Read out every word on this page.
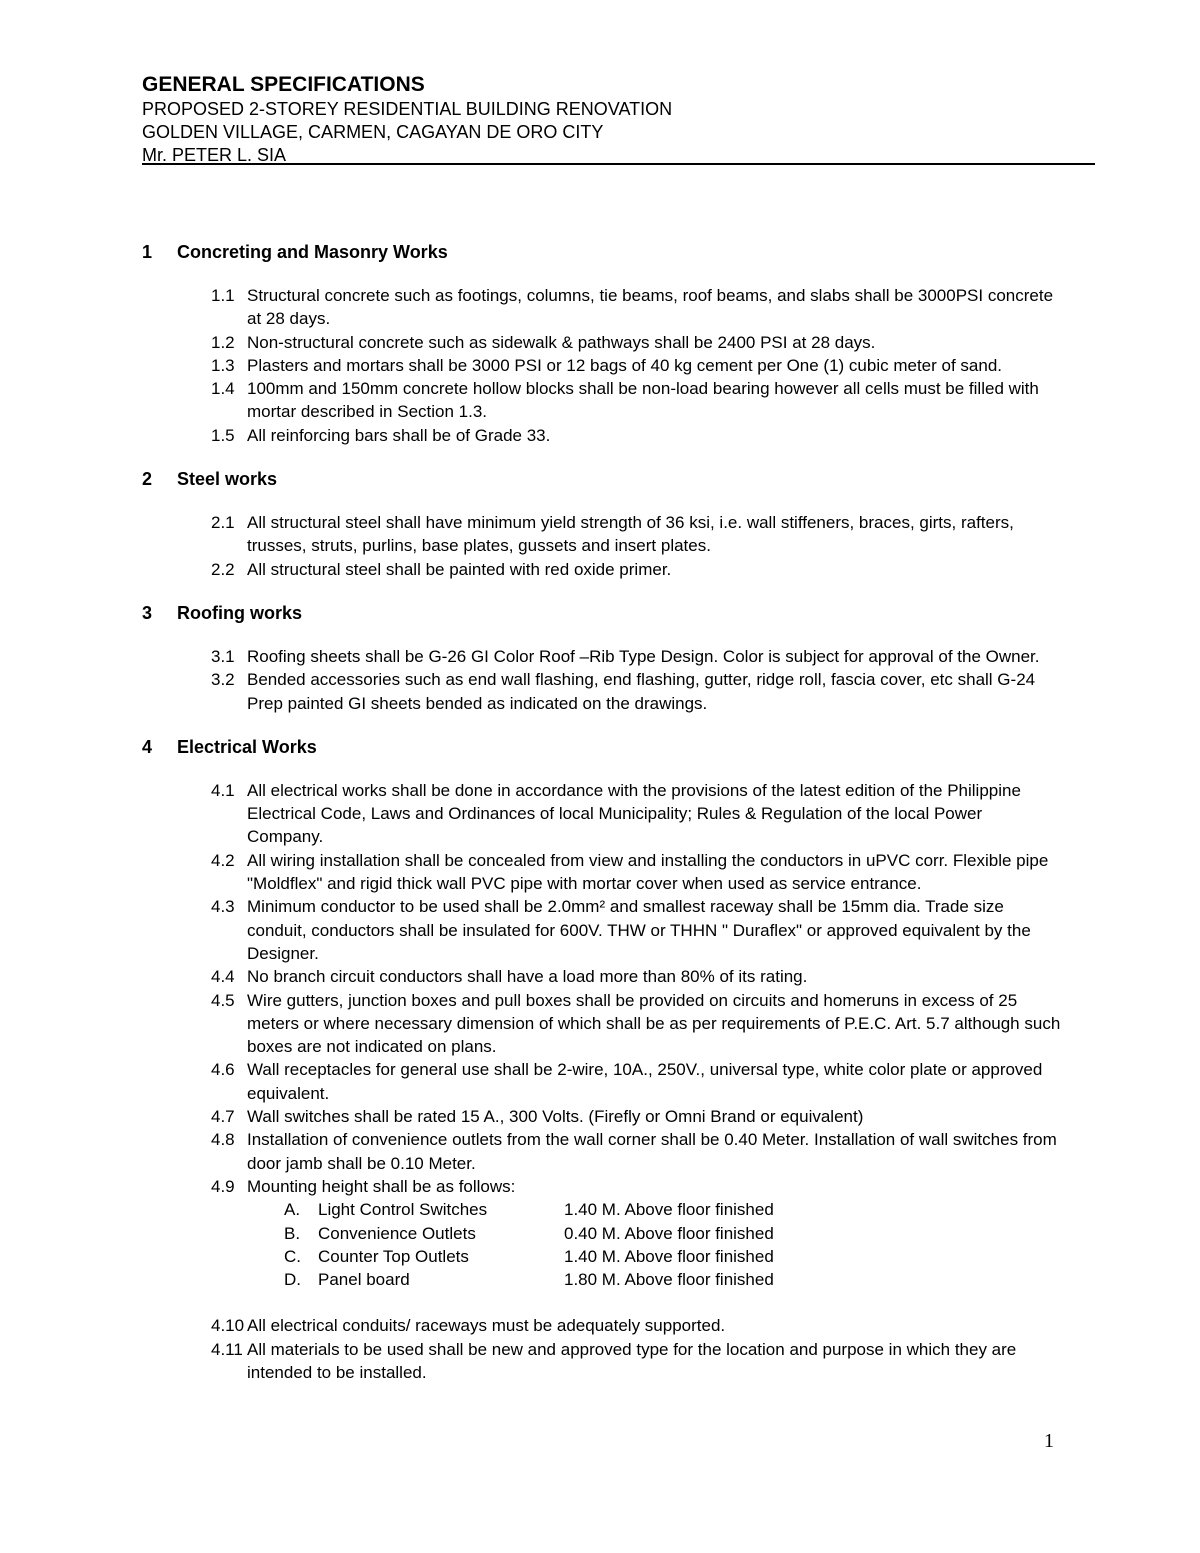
GENERAL SPECIFICATIONS

PROPOSED 2-STOREY RESIDENTIAL BUILDING RENOVATION

GOLDEN VILLAGE, CARMEN, CAGAYAN DE ORO CITY

Mr. PETER L. SIA

1	Concreting and Masonry Works
1.1 Structural concrete such as footings, columns, tie beams, roof beams, and slabs shall be 3000PSI concrete at 28 days.
1.2 Non-structural concrete such as sidewalk & pathways shall be 2400 PSI at 28 days.
1.3 Plasters and mortars shall be 3000 PSI or 12 bags of 40 kg cement per One (1) cubic meter of sand.
1.4 100mm and 150mm concrete hollow blocks shall be non-load bearing however all cells must be filled with mortar described in Section 1.3.
1.5 All reinforcing bars shall be of Grade 33.
2	Steel works
2.1 All structural steel shall have minimum yield strength of 36 ksi, i.e. wall stiffeners, braces, girts, rafters, trusses, struts, purlins, base plates, gussets and insert plates.
2.2 All structural steel shall be painted with red oxide primer.
3	Roofing works
3.1 Roofing sheets shall be G-26 GI Color Roof –Rib Type Design. Color is subject for approval of the Owner.
3.2 Bended accessories such as end wall flashing, end flashing, gutter, ridge roll, fascia cover, etc shall G-24 Prep painted GI sheets bended as indicated on the drawings.
4	Electrical Works
4.1 All electrical works shall be done in accordance with the provisions of the latest edition of the Philippine Electrical Code, Laws and Ordinances of local Municipality; Rules & Regulation of the local Power Company.
4.2 All wiring installation shall be concealed from view and installing the conductors in uPVC corr. Flexible pipe "Moldflex" and rigid thick wall PVC pipe with mortar cover when used as service entrance.
4.3 Minimum conductor to be used shall be 2.0mm² and smallest raceway shall be 15mm dia. Trade size conduit, conductors shall be insulated for 600V. THW or THHN " Duraflex" or approved equivalent by the Designer.
4.4 No branch circuit conductors shall have a load more than 80% of its rating.
4.5 Wire gutters, junction boxes and pull boxes shall be provided on circuits and homeruns in excess of 25 meters or where necessary dimension of which shall be as per requirements of P.E.C. Art. 5.7 although such boxes are not indicated on plans.
4.6 Wall receptacles for general use shall be 2-wire, 10A., 250V., universal type, white color plate or approved equivalent.
4.7 Wall switches shall be rated 15 A., 300 Volts. (Firefly or Omni Brand or equivalent)
4.8 Installation of convenience outlets from the wall corner shall be 0.40 Meter. Installation of wall switches from door jamb shall be 0.10 Meter.
4.9 Mounting height shall be as follows:
A.	Light Control Switches	1.40 M. Above floor finished
B.	Convenience Outlets	0.40 M. Above floor finished
C.	Counter Top Outlets	1.40 M. Above floor finished
D.	Panel board	1.80 M. Above floor finished
4.10 All electrical conduits/ raceways must be adequately supported.
4.11 All materials to be used shall be new and approved type for the location and purpose in which they are intended to be installed.
1
